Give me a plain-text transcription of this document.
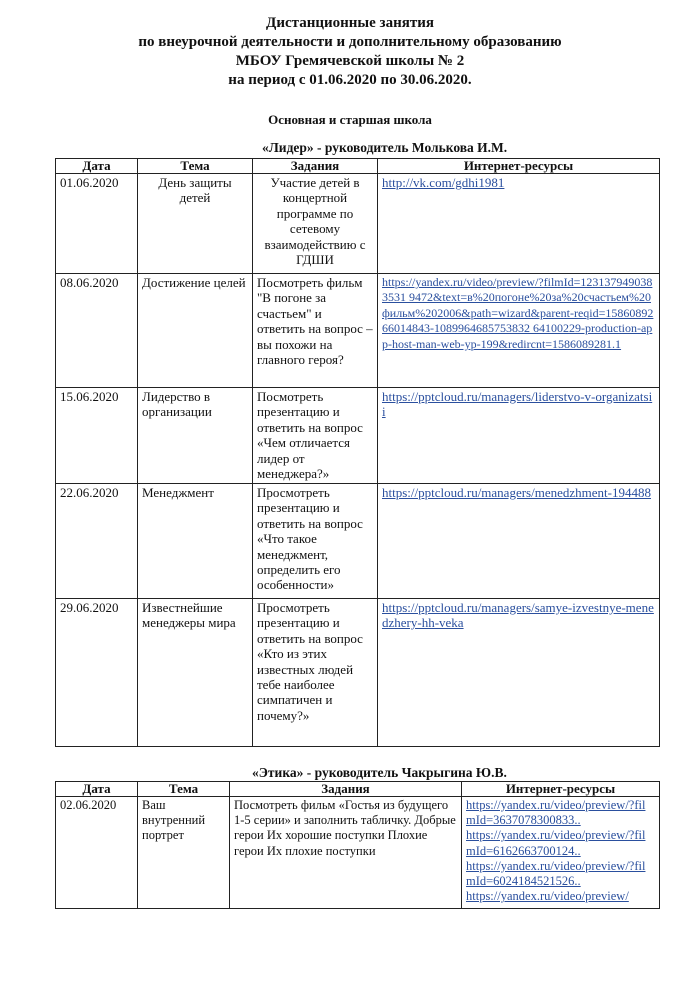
Дистанционные занятия
по внеурочной деятельности и дополнительному образованию
МБОУ Гремячевской школы № 2
на период с 01.06.2020 по 30.06.2020.
Основная и старшая школа
«Лидер» - руководитель Молькова И.М.
Дата	Тема	Задания	Интернет-ресурсы
01.06.2020	День защиты детей	Участие детей в концертной программе по сетевому взаимодействию с ГДШИ	http://vk.com/gdhi1981
08.06.2020	Достижение целей	Посмотреть фильм "В погоне за счастьем" и ответить на вопрос – вы похожи на главного героя?	https://yandex.ru/video/preview/?filmId=1231379490383531 9472&text=в%20погоне%20за%20счастьем%20фильм%202006&path=wizard&parent-reqid=1586089266014843-1089964685753832 64100229-production-app-host-man-web-yp-199&redircnt=1586089281.1
15.06.2020	Лидерство в организации	Посмотреть презентацию и ответить на вопрос «Чем отличается лидер от менеджера?»	https://pptcloud.ru/managers/liderstvo-v-organizatsii
22.06.2020	Менеджмент	Просмотреть презентацию и ответить на вопрос «Что такое менеджмент, определить его особенности»	https://pptcloud.ru/managers/menedzhment-194488
29.06.2020	Известнейшие менеджеры мира	Просмотреть презентацию и ответить на вопрос «Кто из этих известных людей тебе наиболее симпатичен и почему?»	https://pptcloud.ru/managers/samye-izvestnye-menedzhery-hh-veka
«Этика» - руководитель Чакрыгина Ю.В.
Дата	Тема	Задания	Интернет-ресурсы
02.06.2020	Ваш внутренний портрет	Посмотреть фильм «Гостья из будущего 1-5 серии» и заполнить табличку. Добрые герои Их хорошие поступки Плохие герои Их плохие поступки	https://yandex.ru/video/preview/?filmId=3637078300833..
https://yandex.ru/video/preview/?filmId=6162663700124..
https://yandex.ru/video/preview/?filmId=6024184521526..
https://yandex.ru/video/preview/
